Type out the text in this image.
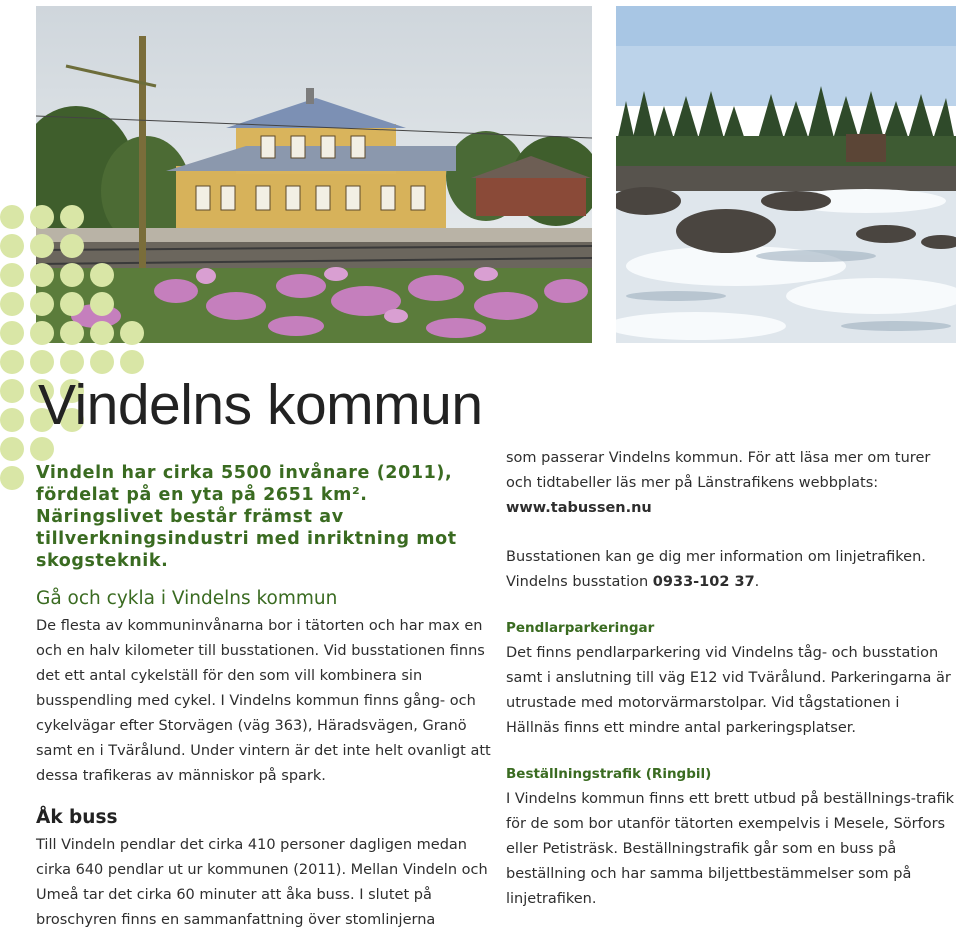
Vindelns kommun

Vindeln har cirka 5500 invånare (2011), fördelat på en yta på 2651 km². Näringslivet består främst av tillverkningsindustri med inriktning mot skogsteknik.

Gå och cykla i Vindelns kommun

De flesta av kommuninvånarna bor i tätorten och har max en och en halv kilometer till busstationen. Vid busstationen finns det ett antal cykelställ för den som vill kombinera sin busspendling med cykel. I Vindelns kommun finns gång- och cykelvägar efter Storvägen (väg 363), Häradsvägen, Granö samt en i Tvärålund. Under vintern är det inte helt ovanligt att dessa trafikeras av människor på spark.

Åk buss

Till Vindeln pendlar det cirka 410 personer dagligen medan cirka 640 pendlar ut ur kommunen (2011). Mellan Vindeln och Umeå tar det cirka 60 minuter att åka buss. I slutet på broschyren finns en sammanfattning över stomlinjerna

som passerar Vindelns kommun. För att läsa mer om turer och tidtabeller läs mer på Länstrafikens webbplats: www.tabussen.nu

Busstationen kan ge dig mer information om linjetrafiken. Vindelns busstation 0933-102 37.

Pendlarparkeringar

Det finns pendlarparkering vid Vindelns tåg- och busstation samt i anslutning till väg E12 vid Tvärålund. Parkeringarna är utrustade med motorvärmarstolpar. Vid tågstationen i Hällnäs finns ett mindre antal parkeringsplatser.

Beställningstrafik (Ringbil)

I Vindelns kommun finns ett brett utbud på beställnings-trafik för de som bor utanför tätorten exempelvis i Mesele, Sörfors eller Petisträsk. Beställningstrafik går som en buss på beställning och har samma biljettbestämmelser som på linjetrafiken.
